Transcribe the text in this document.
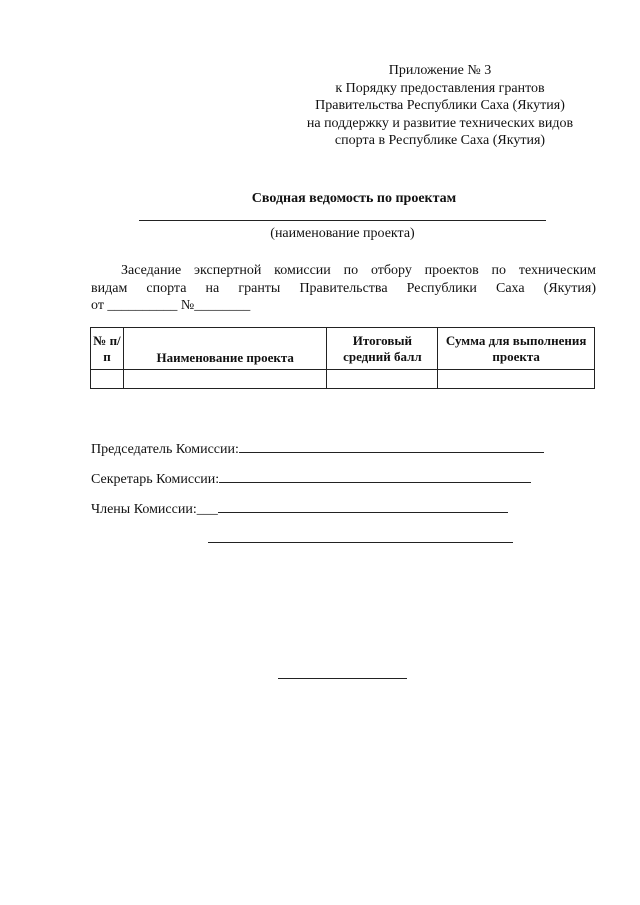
Приложение № 3
к Порядку предоставления грантов
Правительства Республики Саха (Якутия)
на поддержку и развитие технических видов
спорта в Республике Саха (Якутия)
Сводная ведомость по проектам
(наименование проекта)
Заседание экспертной комиссии по отбору проектов по техническим
видам спорта на гранты Правительства Республики Саха (Якутия)
от __________ №________
№ п/п	Наименование проекта	Итоговый средний балл	Сумма для выполнения проекта

Председатель Комиссии:
Секретарь Комиссии:
Члены Комиссии:___
